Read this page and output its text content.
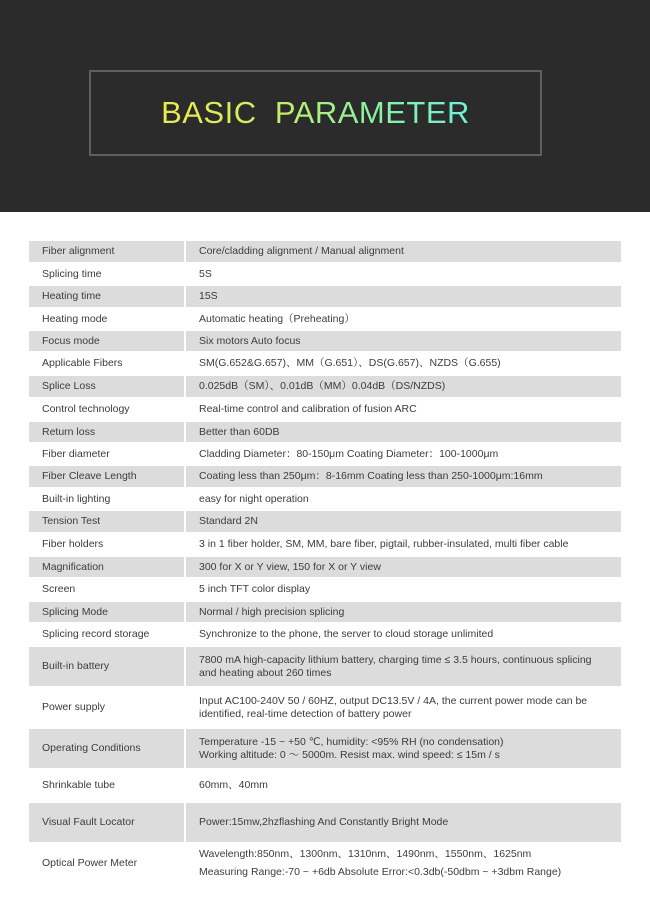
BASIC  PARAMETER
Fiber alignment	Core/cladding alignment / Manual alignment

Splicing time	5S

Heating time	15S

Heating mode	Automatic heating（Preheating）

Focus mode	Six motors Auto focus

Applicable Fibers	SM(G.652&G.657)、MM（G.651）、DS(G.657)、NZDS（G.655)

Splice Loss	0.025dB（SM）、0.01dB（MM）0.04dB（DS/NZDS)

Control technology	Real-time control and calibration of fusion ARC

Return loss	Better than 60DB

Fiber diameter	Cladding Diameter：80-150μm Coating Diameter：100-1000μm

Fiber Cleave Length	Coating less than 250μm：8-16mm Coating less than 250-1000μm:16mm

Built-in lighting	easy for night operation

Tension Test	Standard 2N

Fiber holders	3 in 1 fiber holder, SM, MM, bare fiber, pigtail, rubber-insulated, multi fiber cable

Magnification	300 for X or Y view, 150 for X or Y view

Screen	5 inch TFT color display

Splicing Mode	Normal / high precision splicing

Splicing record storage	Synchronize to the phone, the server to cloud storage unlimited

Built-in battery	7800 mA high-capacity lithium battery, charging time ≤ 3.5 hours, continuous splicing
and heating about 260 times

Power supply	Input AC100-240V 50 / 60HZ, output DC13.5V / 4A, the current power mode can be
identified, real-time detection of battery power

Operating Conditions	Temperature -15 ~ +50 ℃, humidity: <95% RH (no condensation)
Working altitude: 0 ～ 5000m. Resist max. wind speed: ≤ 15m / s

Shrinkable tube	60mm、40mm

Visual Fault Locator	Power:15mw,2hzflashing And Constantly Bright Mode

Optical Power Meter	Wavelength:850nm、1300nm、1310nm、1490nm、1550nm、1625nm
Measuring Range:-70 ~ +6db Absolute Error:<0.3db(-50dbm ~ +3dbm Range)
